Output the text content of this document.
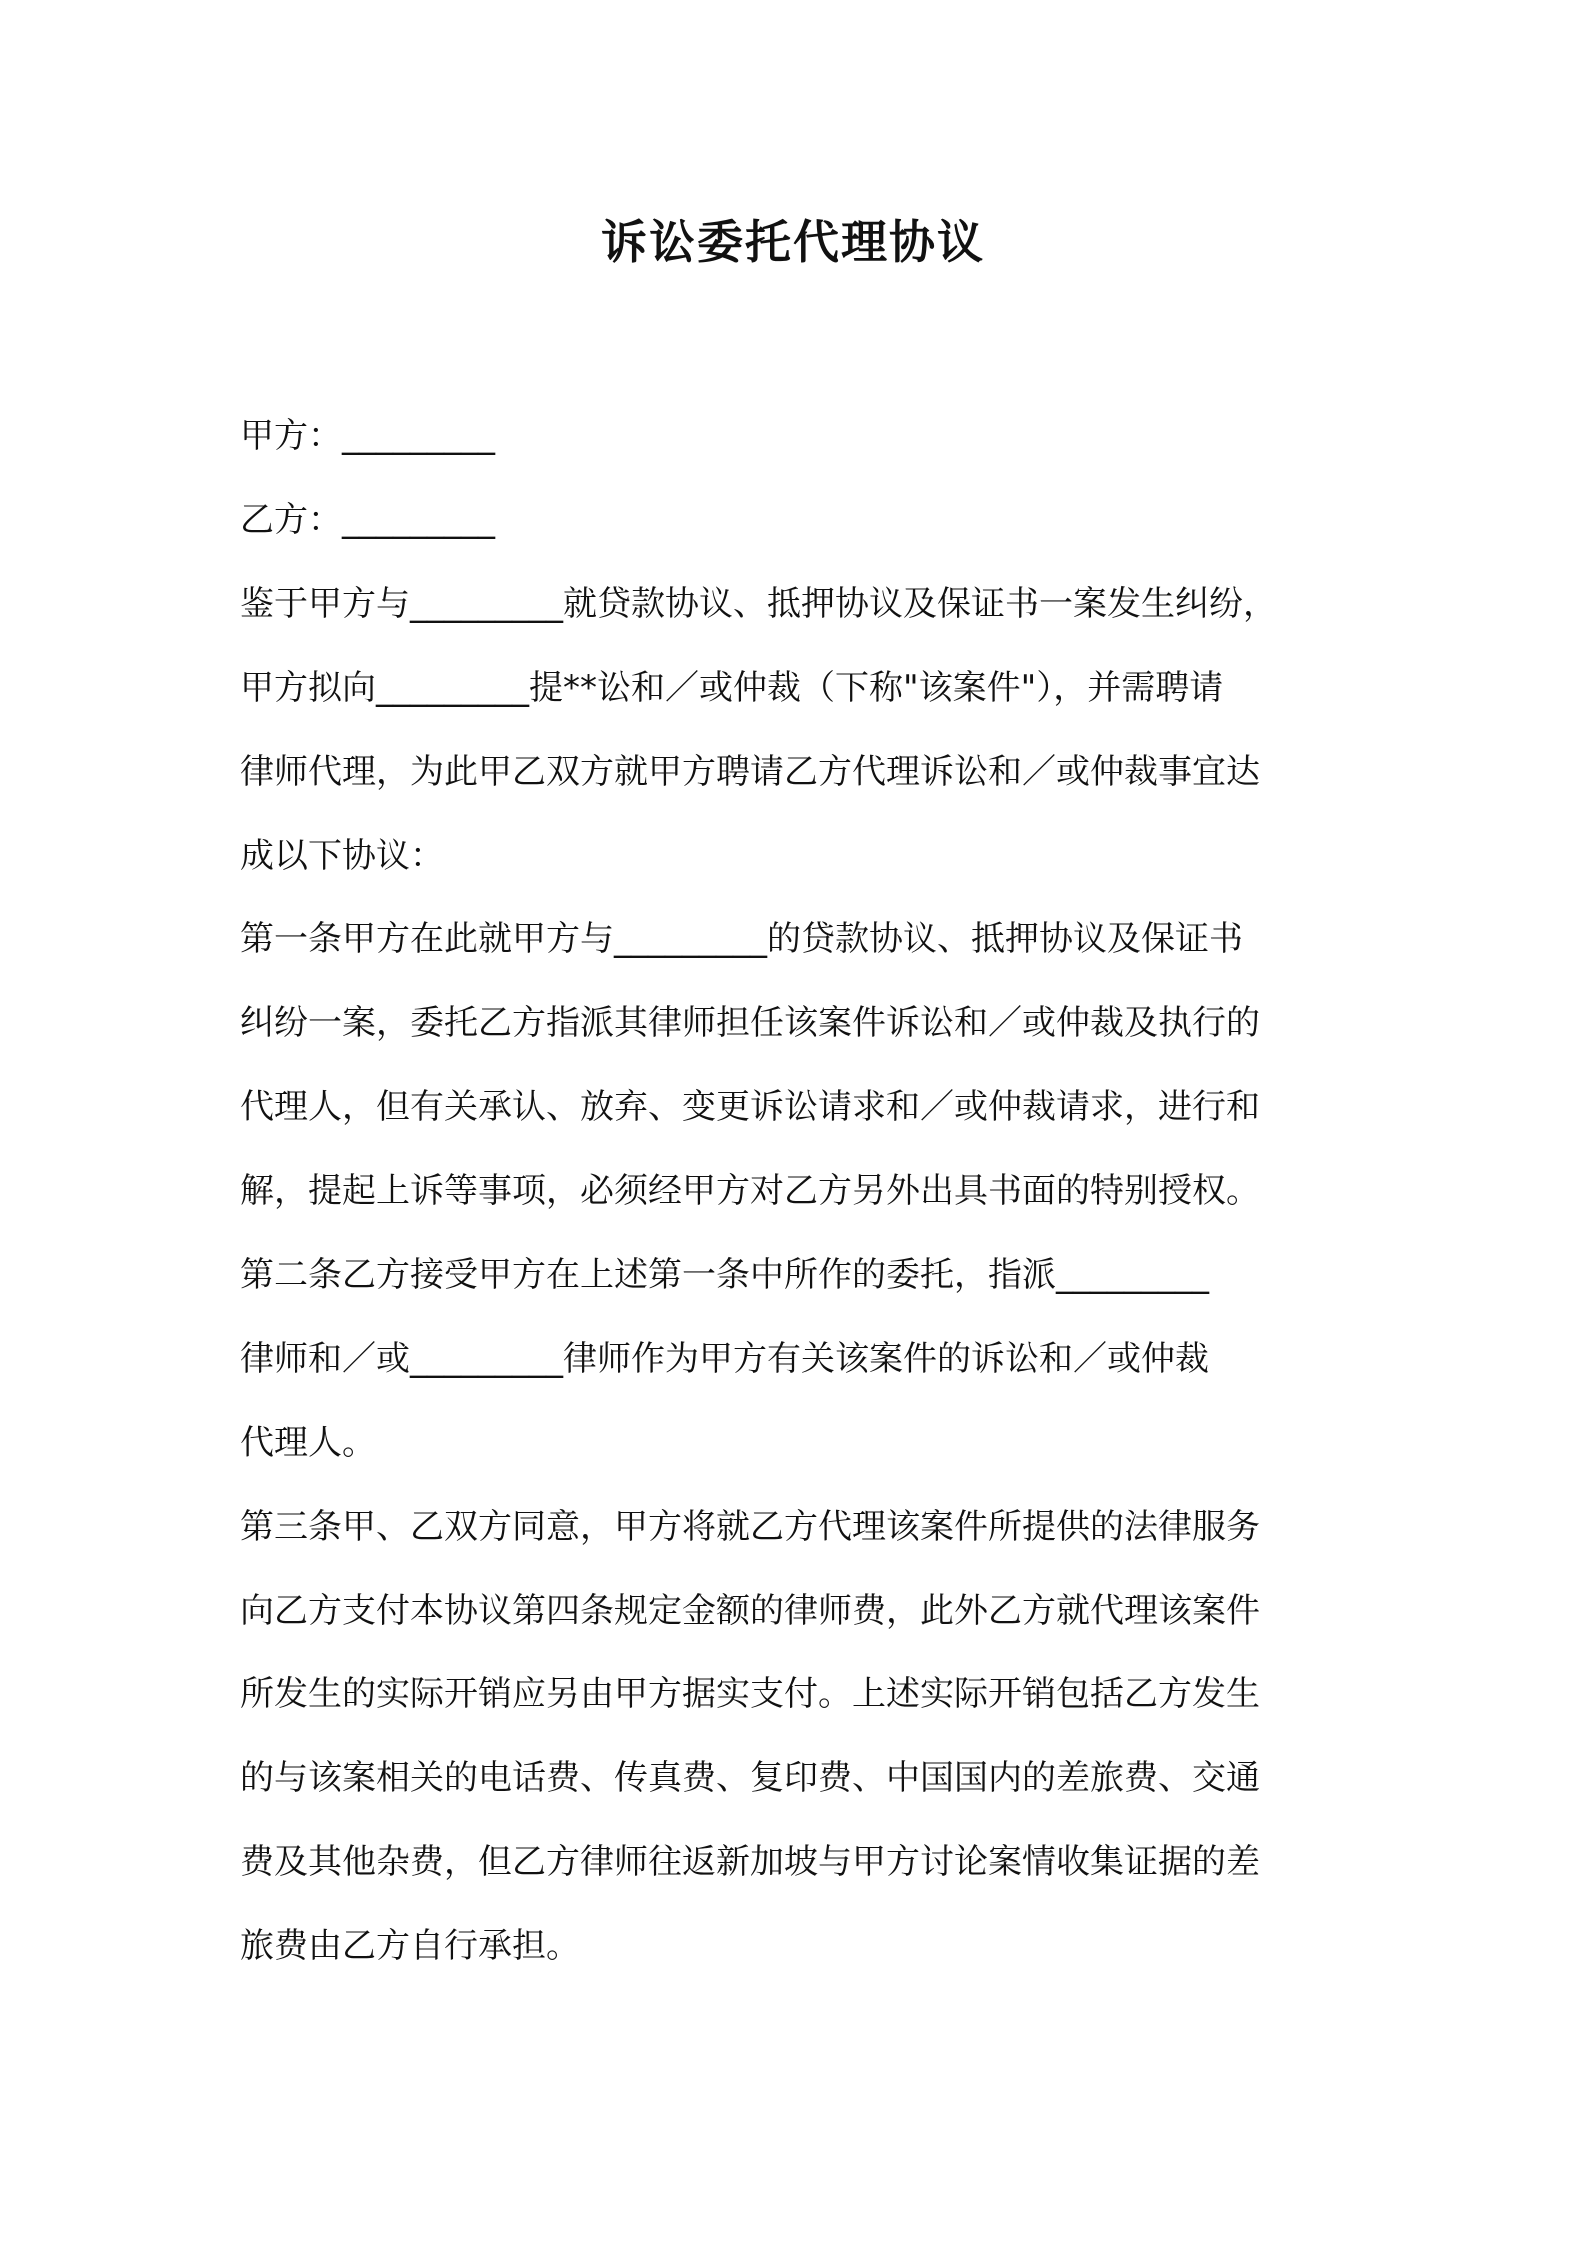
诉讼委托代理协议

甲方：_________

乙方：_________

鉴于甲方与_________就贷款协议、抵押协议及保证书一案发生纠纷，

甲方拟向_________提**讼和／或仲裁（下称"该案件"），并需聘请

律师代理，为此甲乙双方就甲方聘请乙方代理诉讼和／或仲裁事宜达

成以下协议：

第一条甲方在此就甲方与_________的贷款协议、抵押协议及保证书

纠纷一案，委托乙方指派其律师担任该案件诉讼和／或仲裁及执行的

代理人，但有关承认、放弃、变更诉讼请求和／或仲裁请求，进行和

解，提起上诉等事项，必须经甲方对乙方另外出具书面的特别授权。

第二条乙方接受甲方在上述第一条中所作的委托，指派_________

律师和／或_________律师作为甲方有关该案件的诉讼和／或仲裁

代理人。

第三条甲、乙双方同意，甲方将就乙方代理该案件所提供的法律服务

向乙方支付本协议第四条规定金额的律师费，此外乙方就代理该案件

所发生的实际开销应另由甲方据实支付。上述实际开销包括乙方发生

的与该案相关的电话费、传真费、复印费、中国国内的差旅费、交通

费及其他杂费，但乙方律师往返新加坡与甲方讨论案情收集证据的差

旅费由乙方自行承担。
